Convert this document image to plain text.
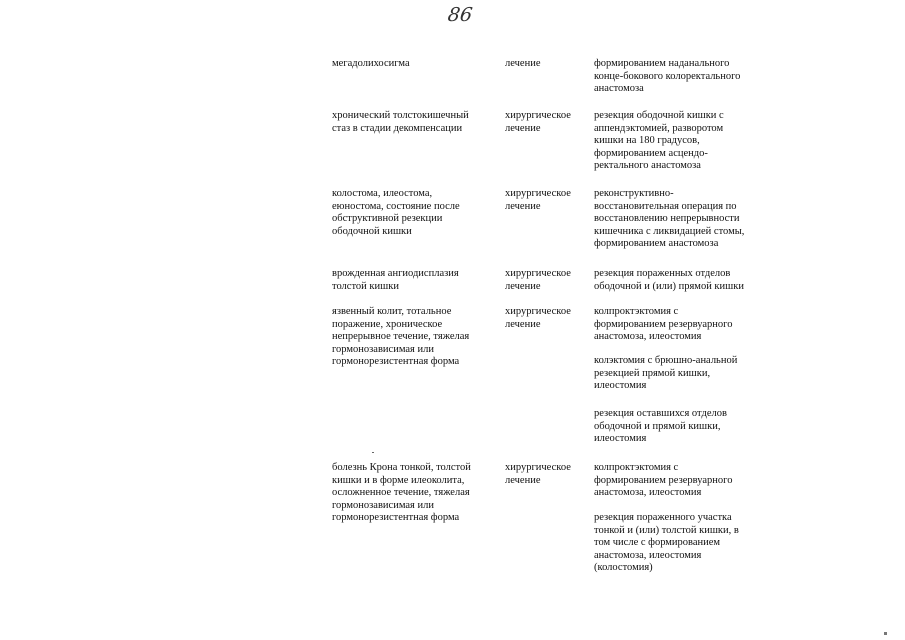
86
мегадолихосигма	лечение	формированием наданального
конце-бокового колоректального
анастомоза
хронический толстокишечный
стаз в стадии декомпенсации
хирургическое
лечение
резекция ободочной кишки с
аппендэктомией, разворотом
кишки на 180 градусов,
формированием асцендо-
ректального анастомоза
колостома, илеостома,
еюностома, состояние после
обструктивной резекции
ободочной кишки
хирургическое
лечение
реконструктивно-
восстановительная операция по
восстановлению непрерывности
кишечника с ликвидацией стомы,
формированием анастомоза
врожденная ангиодисплазия
толстой кишки
хирургическое
лечение
резекция пораженных отделов
ободочной и (или) прямой кишки
язвенный колит, тотальное
поражение, хроническое
непрерывное течение, тяжелая
гормонозависимая или
гормонорезистентная форма
хирургическое
лечение
колпроктэктомия с
формированием резервуарного
анастомоза, илеостомия
колэктомия с брюшно-анальной
резекцией прямой кишки,
илеостомия
резекция оставшихся отделов
ободочной и прямой кишки,
илеостомия
болезнь Крона тонкой, толстой
кишки и в форме илеоколита,
осложненное течение, тяжелая
гормонозависимая или
гормонорезистентная форма
хирургическое
лечение
колпроктэктомия с
формированием резервуарного
анастомоза, илеостомия
резекция пораженного участка
тонкой и (или) толстой кишки, в
том числе с формированием
анастомоза, илеостомия
(колостомия)
